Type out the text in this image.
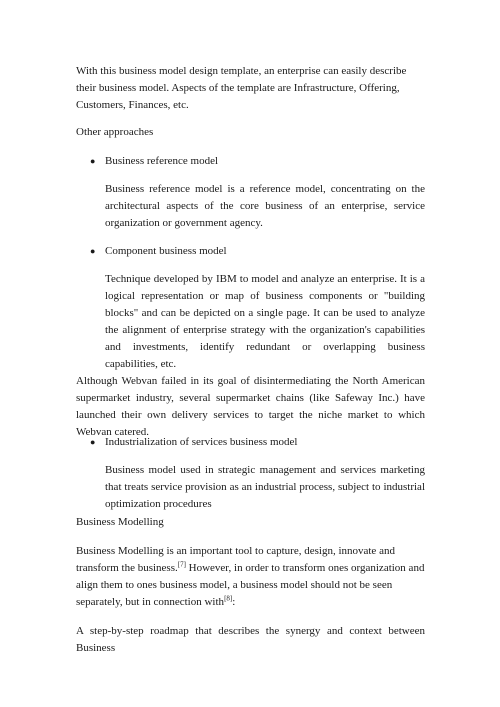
With this business model design template, an enterprise can easily describe their business model. Aspects of the template are Infrastructure, Offering, Customers, Finances, etc.

Other approaches

● Business reference model

Business reference model is a reference model, concentrating on the architectural aspects of the core business of an enterprise, service organization or government agency.

● Component business model

Technique developed by IBM to model and analyze an enterprise. It is a logical representation or map of business components or "building blocks" and can be depicted on a single page. It can be used to analyze the alignment of enterprise strategy with the organization's capabilities and investments, identify redundant or overlapping business capabilities, etc.

Although Webvan failed in its goal of disintermediating the North American supermarket industry, several supermarket chains (like Safeway Inc.) have launched their own delivery services to target the niche market to which Webvan catered.

● Industrialization of services business model

Business model used in strategic management and services marketing that treats service provision as an industrial process, subject to industrial optimization procedures

Business Modelling

Business Modelling is an important tool to capture, design, innovate and transform the business.[7] However, in order to transform ones organization and align them to ones business model, a business model should not be seen separately, but in connection with[8]:

A step-by-step roadmap that describes the synergy and context between Business
